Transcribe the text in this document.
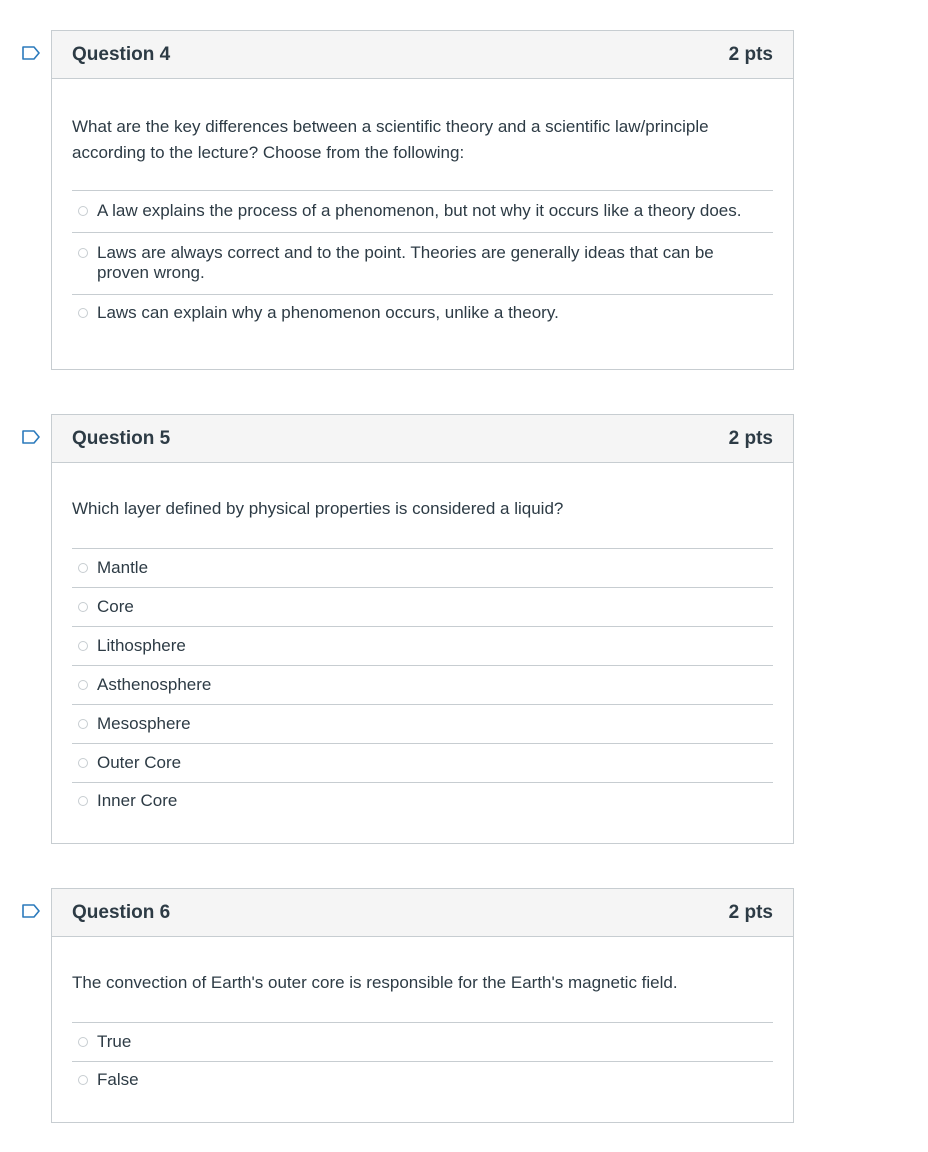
Question 4	2 pts
What are the key differences between a scientific theory and a scientific law/principle according to the lecture? Choose from the following:
A law explains the process of a phenomenon, but not why it occurs like a theory does.
Laws are always correct and to the point. Theories are generally ideas that can be proven wrong.
Laws can explain why a phenomenon occurs, unlike a theory.
Question 5	2 pts
Which layer defined by physical properties is considered a liquid?
Mantle
Core
Lithosphere
Asthenosphere
Mesosphere
Outer Core
Inner Core
Question 6	2 pts
The convection of Earth's outer core is responsible for the Earth's magnetic field.
True
False
